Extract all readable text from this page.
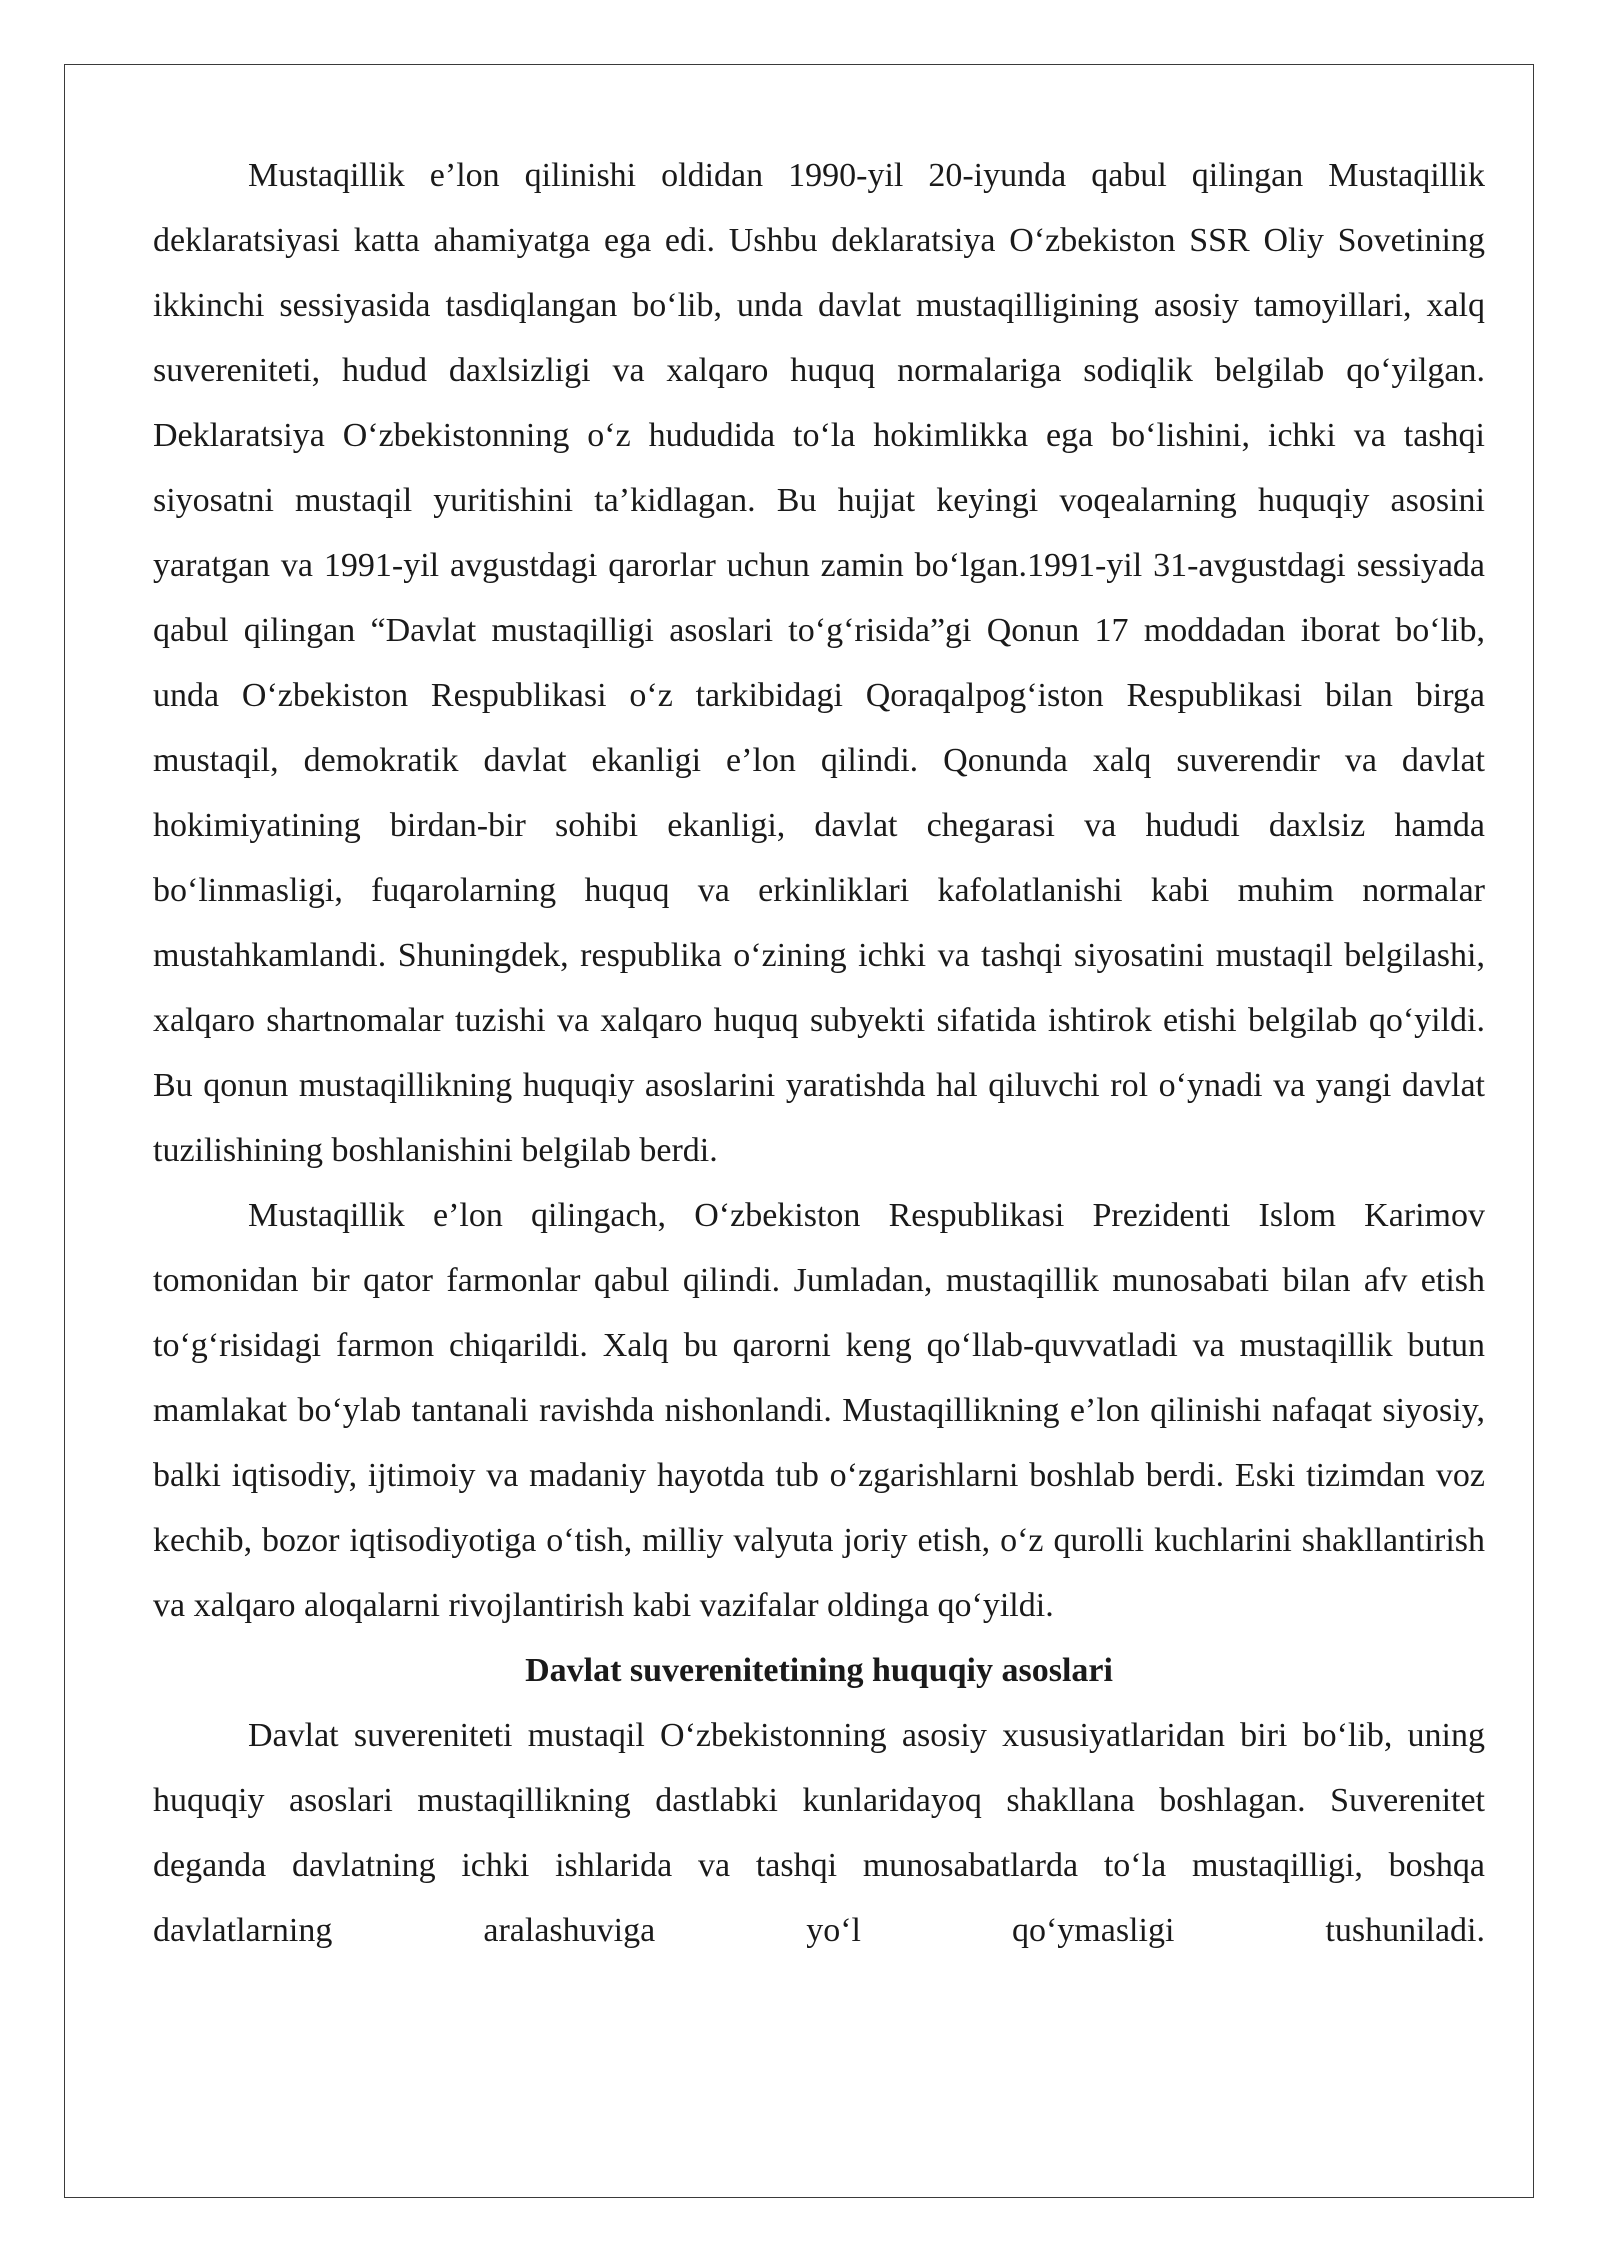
Mustaqillik e’lon qilinishi oldidan 1990-yil 20-iyunda qabul qilingan Mustaqillik deklaratsiyasi katta ahamiyatga ega edi. Ushbu deklaratsiya O‘zbekiston SSR Oliy Sovetining ikkinchi sessiyasida tasdiqlangan bo‘lib, unda davlat mustaqilligining asosiy tamoyillari, xalq suvereniteti, hudud daxlsizligi va xalqaro huquq normalariga sodiqlik belgilab qo‘yilgan. Deklaratsiya O‘zbekistonning o‘z hududida to‘la hokimlikka ega bo‘lishini, ichki va tashqi siyosatni mustaqil yuritishini ta’kidlagan. Bu hujjat keyingi voqealarning huquqiy asosini yaratgan va 1991-yil avgustdagi qarorlar uchun zamin bo‘lgan.1991-yil 31-avgustdagi sessiyada qabul qilingan “Davlat mustaqilligi asoslari to‘g‘risida”gi Qonun 17 moddadan iborat bo‘lib, unda O‘zbekiston Respublikasi o‘z tarkibidagi Qoraqalpog‘iston Respublikasi bilan birga mustaqil, demokratik davlat ekanligi e’lon qilindi. Qonunda xalq suverendir va davlat hokimiyatining birdan-bir sohibi ekanligi, davlat chegarasi va hududi daxlsiz hamda bo‘linmasligi, fuqarolarning huquq va erkinliklari kafolatlanishi kabi muhim normalar mustahkamlandi. Shuningdek, respublika o‘zining ichki va tashqi siyosatini mustaqil belgilashi, xalqaro shartnomalar tuzishi va xalqaro huquq subyekti sifatida ishtirok etishi belgilab qo‘yildi. Bu qonun mustaqillikning huquqiy asoslarini yaratishda hal qiluvchi rol o‘ynadi va yangi davlat tuzilishining boshlanishini belgilab berdi.

Mustaqillik e’lon qilingach, O‘zbekiston Respublikasi Prezidenti Islom Karimov tomonidan bir qator farmonlar qabul qilindi. Jumladan, mustaqillik munosabati bilan afv etish to‘g‘risidagi farmon chiqarildi. Xalq bu qarorni keng qo‘llab-quvvatladi va mustaqillik butun mamlakat bo‘ylab tantanali ravishda nishonlandi. Mustaqillikning e’lon qilinishi nafaqat siyosiy, balki iqtisodiy, ijtimoiy va madaniy hayotda tub o‘zgarishlarni boshlab berdi. Eski tizimdan voz kechib, bozor iqtisodiyotiga o‘tish, milliy valyuta joriy etish, o‘z qurolli kuchlarini shakllantirish va xalqaro aloqalarni rivojlantirish kabi vazifalar oldinga qo‘yildi.

Davlat suverenitetining huquqiy asoslari

Davlat suvereniteti mustaqil O‘zbekistonning asosiy xususiyatlaridan biri bo‘lib, uning huquqiy asoslari mustaqillikning dastlabki kunlaridayoq shakllana boshlagan. Suverenitet deganda davlatning ichki ishlarida va tashqi munosabatlarda to‘la mustaqilligi, boshqa davlatlarning aralashuviga yo‘l qo‘ymasligi tushuniladi.
